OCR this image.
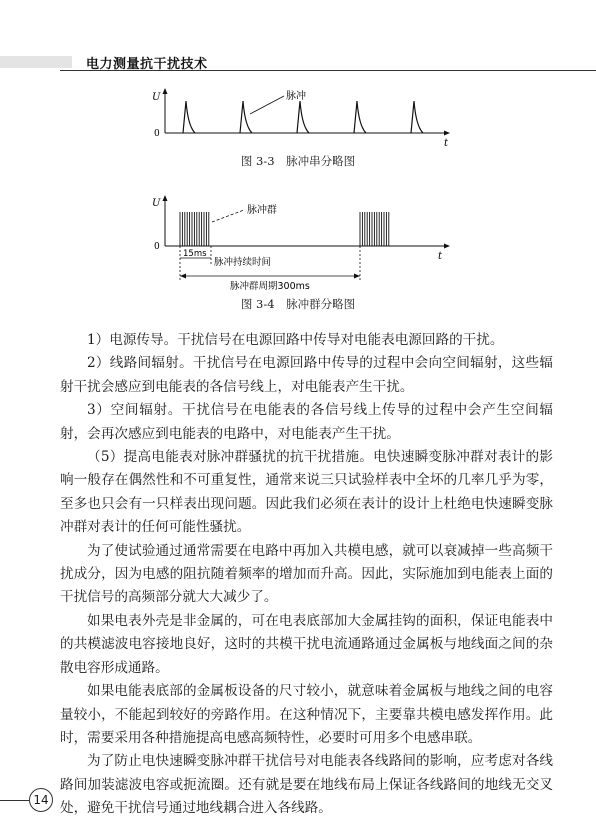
电力测量抗干扰技术
U
0
t
脉冲
图 3-3　脉冲串分略图
U
0
t
脉冲群
15ms
脉冲持续时间
脉冲群周期300ms
图 3-4　脉冲群分略图

1）电源传导。干扰信号在电源回路中传导对电能表电源回路的干扰。

2）线路间辐射。干扰信号在电源回路中传导的过程中会向空间辐射，这些辐射干扰会感应到电能表的各信号线上，对电能表产生干扰。

3）空间辐射。干扰信号在电能表的各信号线上传导的过程中会产生空间辐射，会再次感应到电能表的电路中，对电能表产生干扰。

（5）提高电能表对脉冲群骚扰的抗干扰措施。电快速瞬变脉冲群对表计的影响一般存在偶然性和不可重复性，通常来说三只试验样表中全坏的几率几乎为零，至多也只会有一只样表出现问题。因此我们必须在表计的设计上杜绝电快速瞬变脉冲群对表计的任何可能性骚扰。

为了使试验通过通常需要在电路中再加入共模电感，就可以衰减掉一些高频干扰成分，因为电感的阻抗随着频率的增加而升高。因此，实际施加到电能表上面的干扰信号的高频部分就大大减少了。

如果电表外壳是非金属的，可在电表底部加大金属挂钩的面积，保证电能表中的共模滤波电容接地良好，这时的共模干扰电流通路通过金属板与地线面之间的杂散电容形成通路。

如果电能表底部的金属板设备的尺寸较小，就意味着金属板与地线之间的电容量较小，不能起到较好的旁路作用。在这种情况下，主要靠共模电感发挥作用。此时，需要采用各种措施提高电感高频特性，必要时可用多个电感串联。

为了防止电快速瞬变脉冲群干扰信号对电能表各线路间的影响，应考虑对各线路间加装滤波电容或扼流圈。还有就是要在地线布局上保证各线路间的地线无交叉处，避免干扰信号通过地线耦合进入各线路。

14
